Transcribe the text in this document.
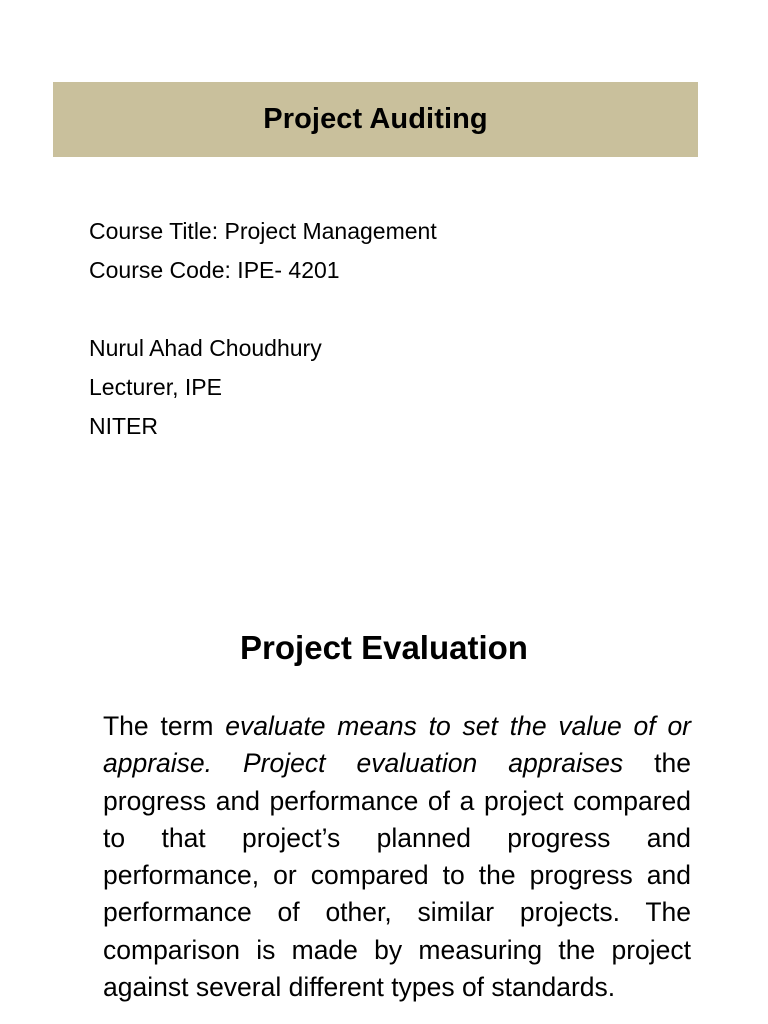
Project Auditing
Course Title: Project Management
Course Code: IPE- 4201
Nurul Ahad Choudhury
Lecturer, IPE
NITER
Project Evaluation

The term evaluate means to set the value of or appraise. Project evaluation appraises the progress and performance of a project compared to that project’s planned progress and performance, or compared to the progress and performance of other, similar projects. The comparison is made by measuring the project against several different types of standards.
